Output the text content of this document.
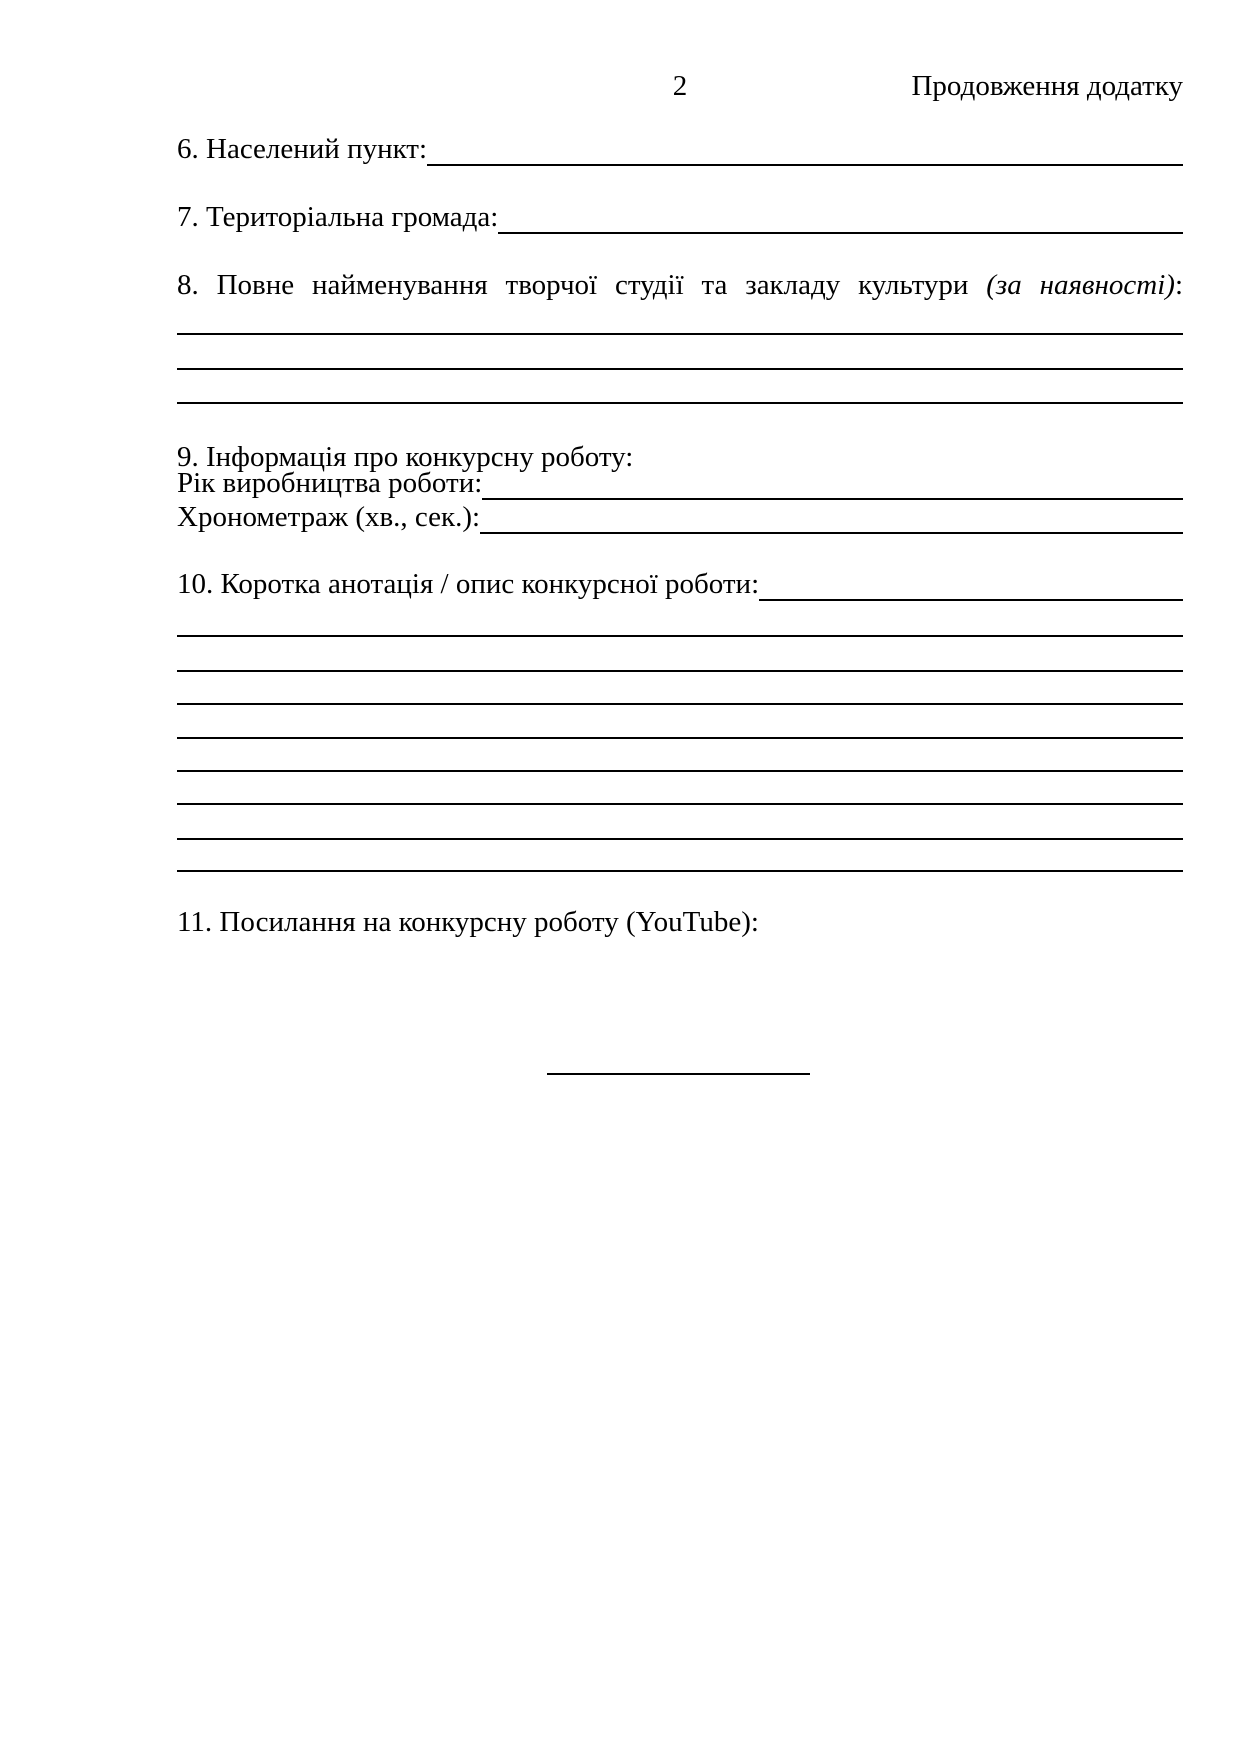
2	Продовження додатку
6. Населений пункт:
7. Територіальна громада:
8. Повне найменування творчої студії та закладу культури (за наявності):
9. Інформація про конкурсну роботу:
Рік виробництва роботи:
Хронометраж (хв., сек.):
10. Коротка анотація / опис конкурсної роботи:
11. Посилання на конкурсну роботу (YouTube):
